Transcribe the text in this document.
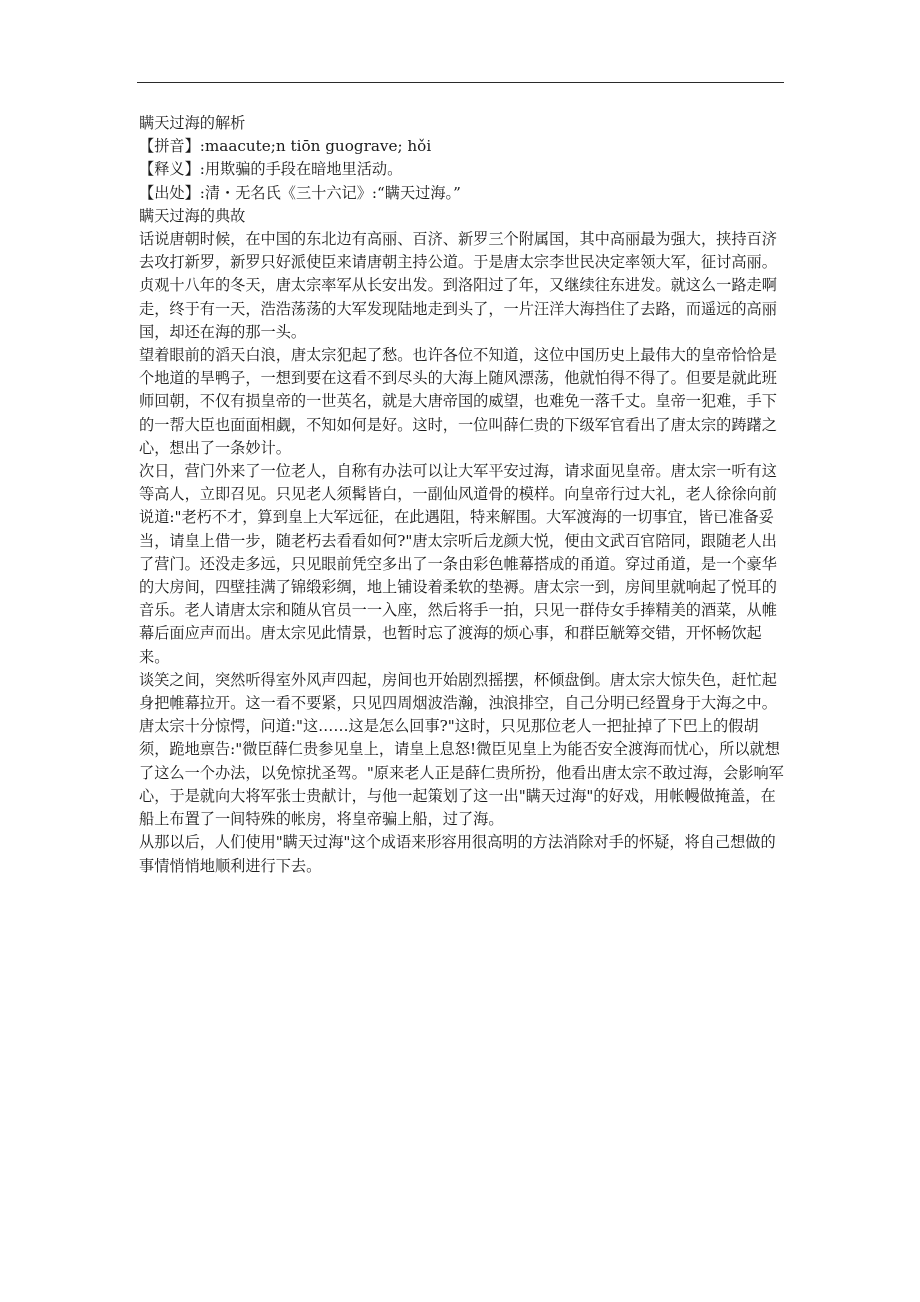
瞒天过海的解析

【拼音】:maacute;n tiōn guograve; hǒi

【释义】:用欺骗的手段在暗地里活动。

【出处】:清・无名氏《三十六记》:“瞒天过海。”

瞒天过海的典故

话说唐朝时候，在中国的东北边有高丽、百济、新罗三个附属国，其中高丽最为强大，挟持百济去攻打新罗，新罗只好派使臣来请唐朝主持公道。于是唐太宗李世民决定率领大军，征讨高丽。贞观十八年的冬天，唐太宗率军从长安出发。到洛阳过了年，又继续往东进发。就这么一路走啊走，终于有一天，浩浩荡荡的大军发现陆地走到头了，一片汪洋大海挡住了去路，而遥远的高丽国，却还在海的那一头。

望着眼前的滔天白浪，唐太宗犯起了愁。也许各位不知道，这位中国历史上最伟大的皇帝恰恰是个地道的旱鸭子，一想到要在这看不到尽头的大海上随风漂荡，他就怕得不得了。但要是就此班师回朝，不仅有损皇帝的一世英名，就是大唐帝国的威望，也难免一落千丈。皇帝一犯难，手下的一帮大臣也面面相觑，不知如何是好。这时，一位叫薛仁贵的下级军官看出了唐太宗的踌躇之心，想出了一条妙计。

次日，营门外来了一位老人，自称有办法可以让大军平安过海，请求面见皇帝。唐太宗一听有这等高人，立即召见。只见老人须髯皆白，一副仙风道骨的模样。向皇帝行过大礼，老人徐徐向前说道:"老朽不才，算到皇上大军远征，在此遇阻，特来解围。大军渡海的一切事宜，皆已准备妥当，请皇上借一步，随老朽去看看如何?"唐太宗听后龙颜大悦，便由文武百官陪同，跟随老人出了营门。还没走多远，只见眼前凭空多出了一条由彩色帷幕搭成的甬道。穿过甬道，是一个豪华的大房间，四壁挂满了锦缎彩绸，地上铺设着柔软的垫褥。唐太宗一到，房间里就响起了悦耳的音乐。老人请唐太宗和随从官员一一入座，然后将手一拍，只见一群侍女手捧精美的酒菜，从帷幕后面应声而出。唐太宗见此情景，也暂时忘了渡海的烦心事，和群臣觥筹交错，开怀畅饮起来。

谈笑之间，突然听得室外风声四起，房间也开始剧烈摇摆，杯倾盘倒。唐太宗大惊失色，赶忙起身把帷幕拉开。这一看不要紧，只见四周烟波浩瀚，浊浪排空，自己分明已经置身于大海之中。唐太宗十分惊愕，问道:"这……这是怎么回事?"这时，只见那位老人一把扯掉了下巴上的假胡须，跪地禀告:"微臣薛仁贵参见皇上，请皇上息怒!微臣见皇上为能否安全渡海而忧心，所以就想了这么一个办法，以免惊扰圣驾。"原来老人正是薛仁贵所扮，他看出唐太宗不敢过海，会影响军心，于是就向大将军张士贵献计，与他一起策划了这一出"瞒天过海"的好戏，用帐幔做掩盖，在船上布置了一间特殊的帐房，将皇帝骗上船，过了海。

从那以后，人们使用"瞒天过海"这个成语来形容用很高明的方法消除对手的怀疑，将自己想做的事情悄悄地顺利进行下去。
